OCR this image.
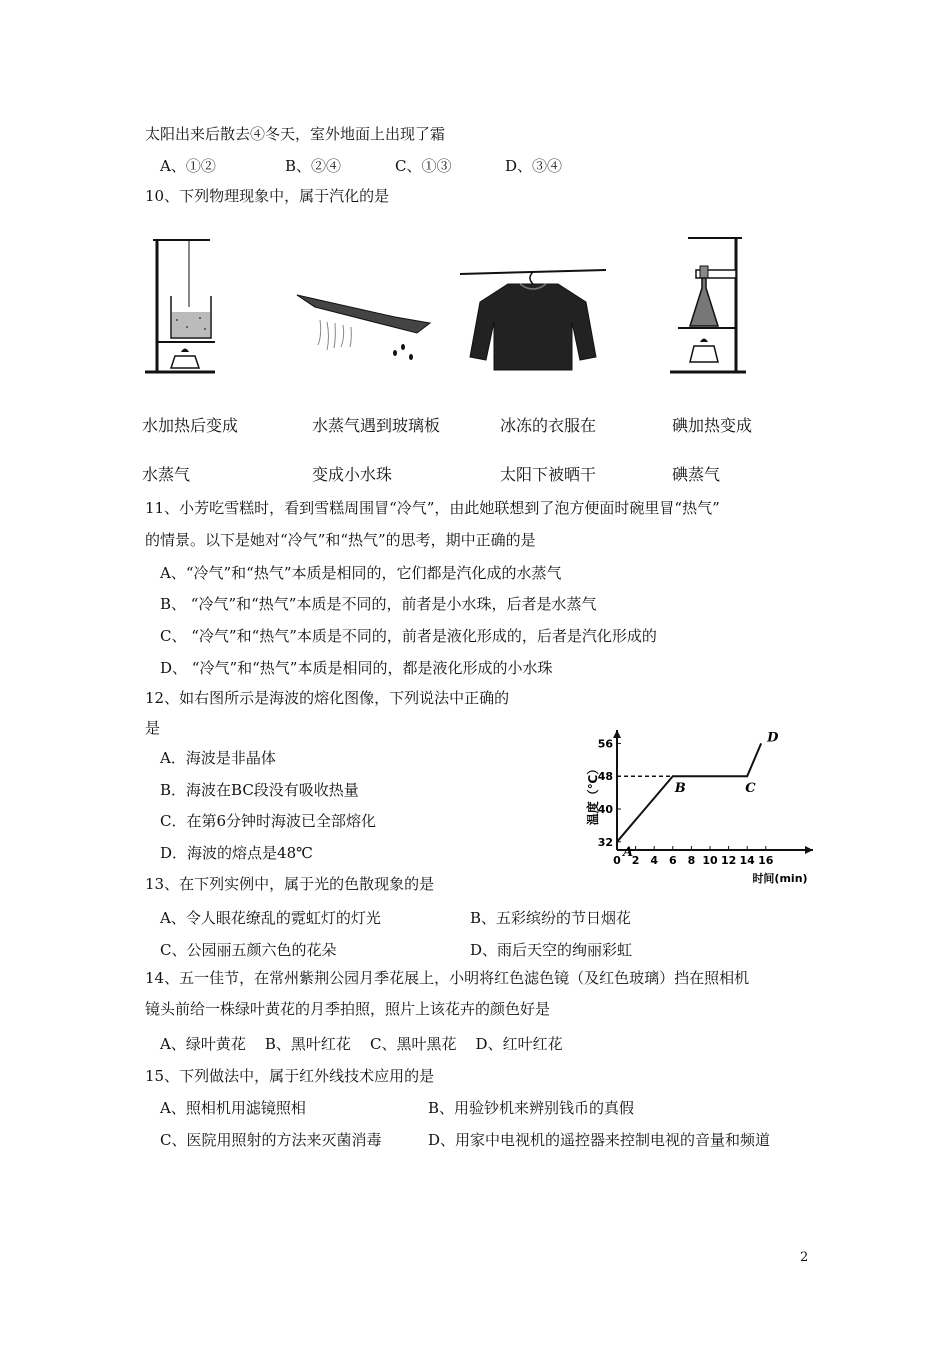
太阳出来后散去④冬天，室外地面上出现了霜
A、①②	B、②④	C、①③	D、③④
10、下列物理现象中，属于汽化的是
水加热后变成
水蒸气
水蒸气遇到玻璃板
变成小水珠
冰冻的衣服在
太阳下被晒干
碘加热变成
碘蒸气
11、小芳吃雪糕时，看到雪糕周围冒“冷气”，由此她联想到了泡方便面时碗里冒“热气”
的情景。以下是她对“冷气”和“热气”的思考，期中正确的是
A、“冷气”和“热气”本质是相同的，它们都是汽化成的水蒸气
B、 “冷气”和“热气”本质是不同的，前者是小水珠，后者是水蒸气
C、 “冷气”和“热气”本质是不同的，前者是液化形成的，后者是汽化形成的
D、 “冷气”和“热气”本质是相同的，都是液化形成的小水珠
12、如右图所示是海波的熔化图像，下列说法中正确的
是
A．海波是非晶体
B．海波在BC段没有吸收热量
C．在第6分钟时海波已全部熔化
D．海波的熔点是48℃	0 2 4 6 8 10 12 14 16
32
40
48
56
A
B	C
D
温度（℃）
时间(min)
13、在下列实例中，属于光的色散现象的是
A、令人眼花缭乱的霓虹灯的灯光	B、五彩缤纷的节日烟花
C、公园丽五颜六色的花朵	D、雨后天空的绚丽彩虹
14、五一佳节，在常州紫荆公园月季花展上，小明将红色滤色镜（及红色玻璃）挡在照相机
镜头前给一株绿叶黄花的月季拍照，照片上该花卉的颜色好是
A、绿叶黄花    B、黑叶红花    C、黑叶黑花    D、红叶红花
15、下列做法中，属于红外线技术应用的是
A、照相机用滤镜照相	B、用验钞机来辨别钱币的真假
C、医院用照射的方法来灭菌消毒	D、用家中电视机的遥控器来控制电视的音量和频道
2
